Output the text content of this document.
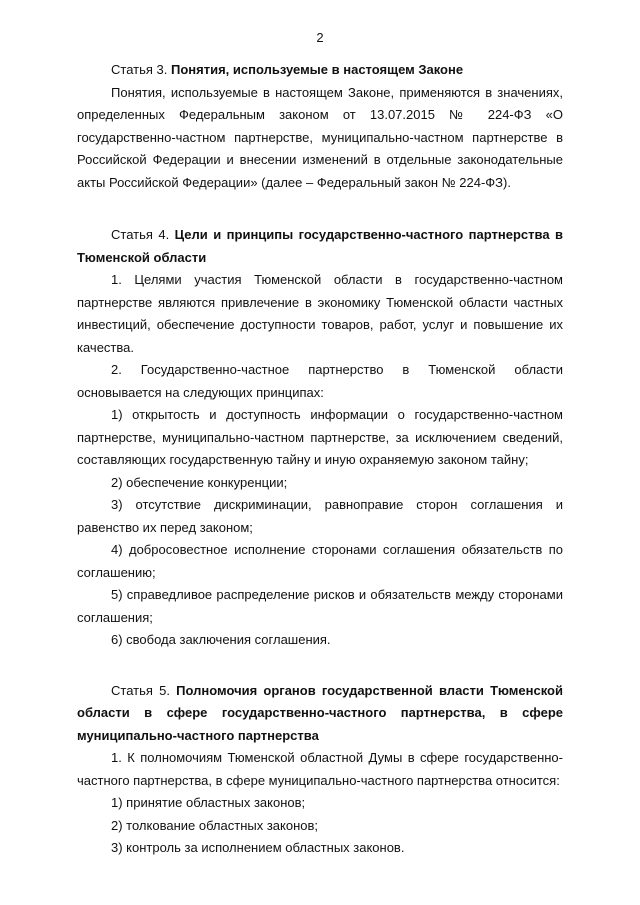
2

Статья 3. Понятия, используемые в настоящем Законе

Понятия, используемые в настоящем Законе, применяются в значениях, определенных Федеральным законом от 13.07.2015 № 224-ФЗ «О государственно-частном партнерстве, муниципально-частном партнерстве в Российской Федерации и внесении изменений в отдельные законодательные акты Российской Федерации» (далее – Федеральный закон № 224-ФЗ).

Статья 4. Цели и принципы государственно-частного партнерства в Тюменской области

1. Целями участия Тюменской области в государственно-частном партнерстве являются привлечение в экономику Тюменской области частных инвестиций, обеспечение доступности товаров, работ, услуг и повышение их качества.

2. Государственно-частное партнерство в Тюменской области основывается на следующих принципах:

1) открытость и доступность информации о государственно-частном партнерстве, муниципально-частном партнерстве, за исключением сведений, составляющих государственную тайну и иную охраняемую законом тайну;

2) обеспечение конкуренции;

3) отсутствие дискриминации, равноправие сторон соглашения и равенство их перед законом;

4) добросовестное исполнение сторонами соглашения обязательств по соглашению;

5) справедливое распределение рисков и обязательств между сторонами соглашения;

6) свобода заключения соглашения.

Статья 5. Полномочия органов государственной власти Тюменской области в сфере государственно-частного партнерства, в сфере муниципально-частного партнерства

1. К полномочиям Тюменской областной Думы в сфере государственно-частного партнерства, в сфере муниципально-частного партнерства относится:

1) принятие областных законов;

2) толкование областных законов;

3) контроль за исполнением областных законов.
